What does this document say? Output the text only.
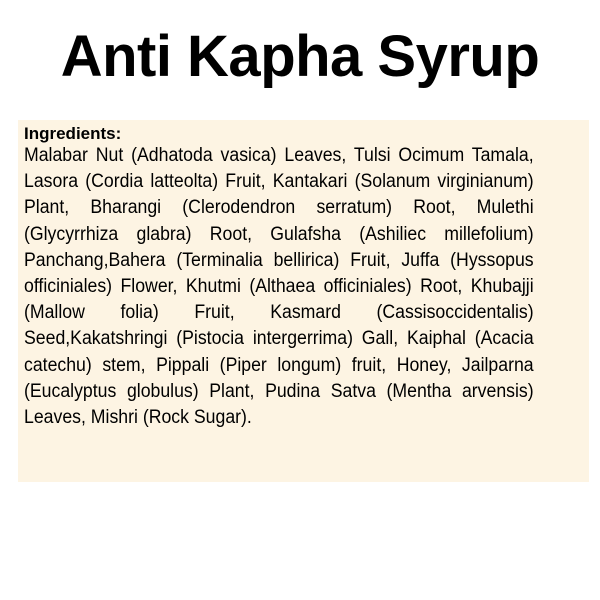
Anti Kapha Syrup
Ingredients:

Malabar Nut (Adhatoda vasica) Leaves, Tulsi Ocimum Tamala, Lasora (Cordia latteolta) Fruit, Kantakari (Solanum virginianum) Plant, Bharangi (Clerodendron serratum) Root, Mulethi (Glycyrrhiza glabra) Root, Gulafsha (Ashiliec millefolium) Panchang,Bahera (Terminalia bellirica) Fruit, Juffa (Hyssopus officiniales) Flower, Khutmi (Althaea officiniales) Root, Khubajji (Mallow folia) Fruit, Kasmard (Cassisoccidentalis) Seed,Kakatshringi (Pistocia intergerrima) Gall, Kaiphal (Acacia catechu) stem, Pippali (Piper longum) fruit, Honey, Jailparna (Eucalyptus globulus) Plant, Pudina Satva (Mentha arvensis) Leaves, Mishri (Rock Sugar).
